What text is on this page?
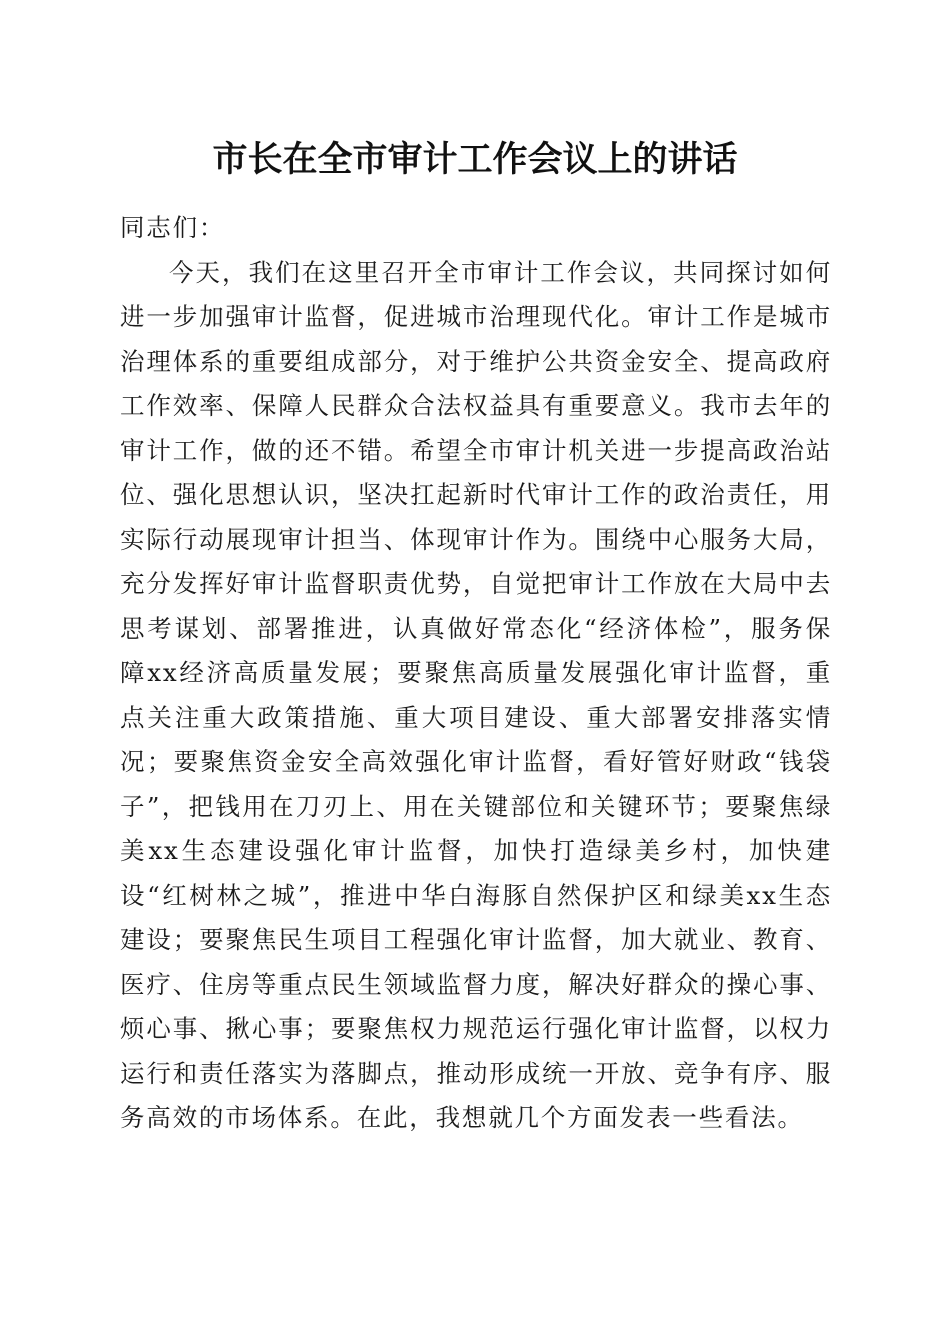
市长在全市审计工作会议上的讲话

同志们：

今天，我们在这里召开全市审计工作会议，共同探讨如何进一步加强审计监督，促进城市治理现代化。审计工作是城市治理体系的重要组成部分，对于维护公共资金安全、提高政府工作效率、保障人民群众合法权益具有重要意义。我市去年的审计工作，做的还不错。希望全市审计机关进一步提高政治站位、强化思想认识，坚决扛起新时代审计工作的政治责任，用实际行动展现审计担当、体现审计作为。围绕中心服务大局，充分发挥好审计监督职责优势，自觉把审计工作放在大局中去思考谋划、部署推进，认真做好常态化“经济体检”，服务保障xx经济高质量发展；要聚焦高质量发展强化审计监督，重点关注重大政策措施、重大项目建设、重大部署安排落实情况；要聚焦资金安全高效强化审计监督，看好管好财政“钱袋子”，把钱用在刀刃上、用在关键部位和关键环节；要聚焦绿美xx生态建设强化审计监督，加快打造绿美乡村，加快建设“红树林之城”，推进中华白海豚自然保护区和绿美xx生态建设；要聚焦民生项目工程强化审计监督，加大就业、教育、医疗、住房等重点民生领域监督力度，解决好群众的操心事、烦心事、揪心事；要聚焦权力规范运行强化审计监督，以权力运行和责任落实为落脚点，推动形成统一开放、竞争有序、服务高效的市场体系。在此，我想就几个方面发表一些看法。
